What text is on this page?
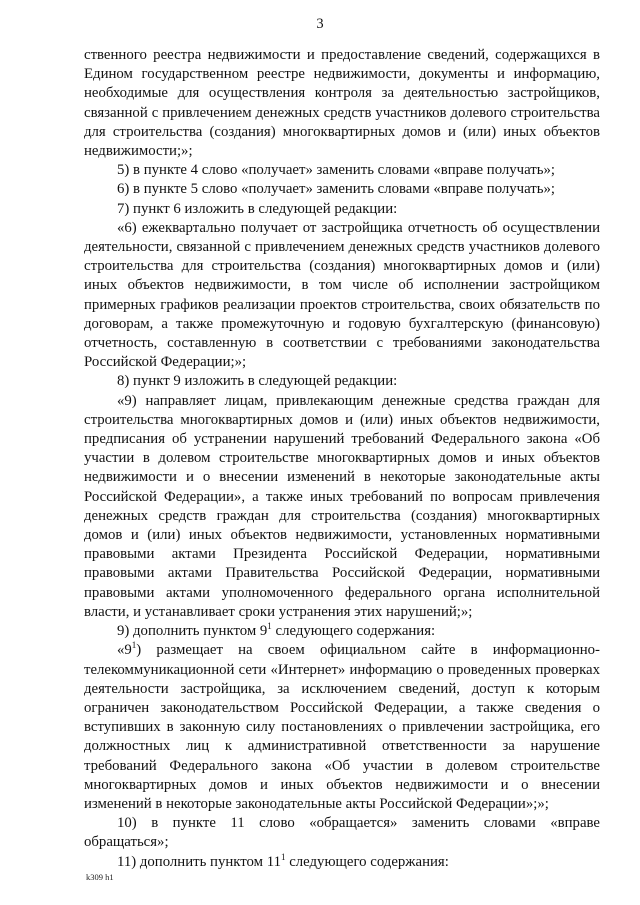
3

ственного реестра недвижимости и предоставление сведений, содержащихся в Едином государственном реестре недвижимости, документы и информацию, необходимые для осуществления контроля за деятельностью застройщиков, связанной с привлечением денежных средств участников долевого строительства для строительства (создания) многоквартирных домов и (или) иных объектов недвижимости;»;

5) в пункте 4 слово «получает» заменить словами «вправе получать»;

6) в пункте 5 слово «получает» заменить словами «вправе получать»;

7) пункт 6 изложить в следующей редакции:

«6) ежеквартально получает от застройщика отчетность об осуществлении деятельности, связанной с привлечением денежных средств участников долевого строительства для строительства (создания) многоквартирных домов и (или) иных объектов недвижимости, в том числе об исполнении застройщиком примерных графиков реализации проектов строительства, своих обязательств по договорам, а также промежуточную и годовую бухгалтерскую (финансовую) отчетность, составленную в соответствии с требованиями законодательства Российской Федерации;»;

8) пункт 9 изложить в следующей редакции:

«9) направляет лицам, привлекающим денежные средства граждан для строительства многоквартирных домов и (или) иных объектов недвижимости, предписания об устранении нарушений требований Федерального закона «Об участии в долевом строительстве многоквартирных домов и иных объектов недвижимости и о внесении изменений в некоторые законодательные акты Российской Федерации», а также иных требований по вопросам привлечения денежных средств граждан для строительства (создания) многоквартирных домов и (или) иных объектов недвижимости, установленных нормативными правовыми актами Президента Российской Федерации, нормативными правовыми актами Правительства Российской Федерации, нормативными правовыми актами уполномоченного федерального органа исполнительной власти, и устанавливает сроки устранения этих нарушений;»;

9) дополнить пунктом $9^1$ следующего содержания:

«$9^1$) размещает на своем официальном сайте в информационно-телекоммуникационной сети «Интернет» информацию о проведенных проверках деятельности застройщика, за исключением сведений, доступ к которым ограничен законодательством Российской Федерации, а также сведения о вступивших в законную силу постановлениях о привлечении застройщика, его должностных лиц к административной ответственности за нарушение требований Федерального закона «Об участии в долевом строительстве многоквартирных домов и иных объектов недвижимости и о внесении изменений в некоторые законодательные акты Российской Федерации»;»;

10) в пункте 11 слово «обращается» заменить словами «вправе обращаться»;

11) дополнить пунктом $11^1$ следующего содержания:

k309 h1
